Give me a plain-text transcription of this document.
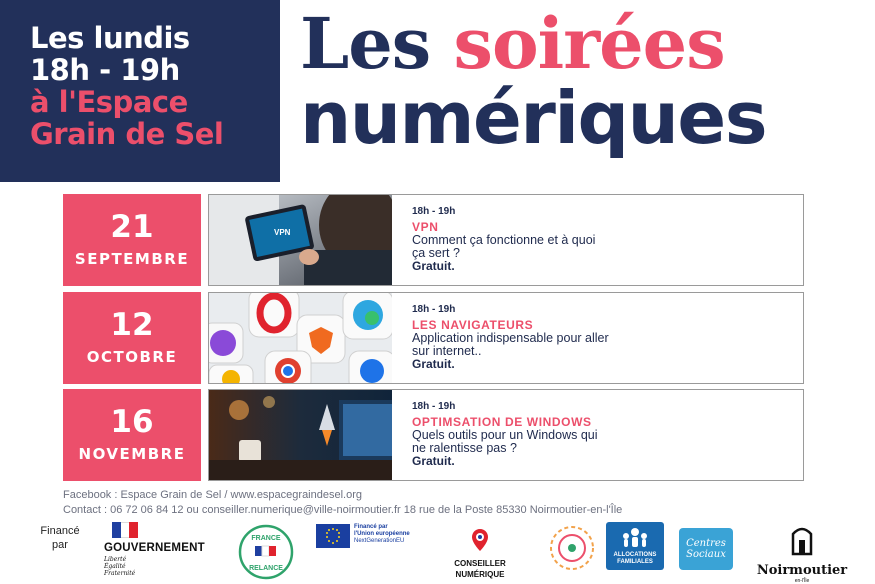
Les lundis
18h - 19h
à l'Espace
Grain de Sel
Les soirées
numériques
21
SEPTEMBRE
VPN
18h - 19h
VPN
Comment ça fonctionne et à quoi ça sert ?
Gratuit.
12
OCTOBRE
18h - 19h
LES NAVIGATEURS
Application indispensable pour aller sur internet..
Gratuit.
16
NOVEMBRE
18h - 19h
OPTIMSATION DE WINDOWS
Quels outils pour un Windows qui ne ralentisse pas ?
Gratuit.
Facebook : Espace Grain de Sel / www.espacegraindesel.org
Contact : 06 72 06 84 12 ou conseiller.numerique@ville-noirmoutier.fr 18 rue de la Poste 85330 Noirmoutier-en-l'Île
Financé par	GOUVERNEMENT
Liberté
Égalité
Fraternité
FRANCE
RELANCE
Financé par
l'Union européenne
NextGenerationEU
CONSEILLER
NUMÉRIQUE
ALLOCATIONS FAMILIALES
Centres Sociaux
Noirmoutier
en-l'Île
